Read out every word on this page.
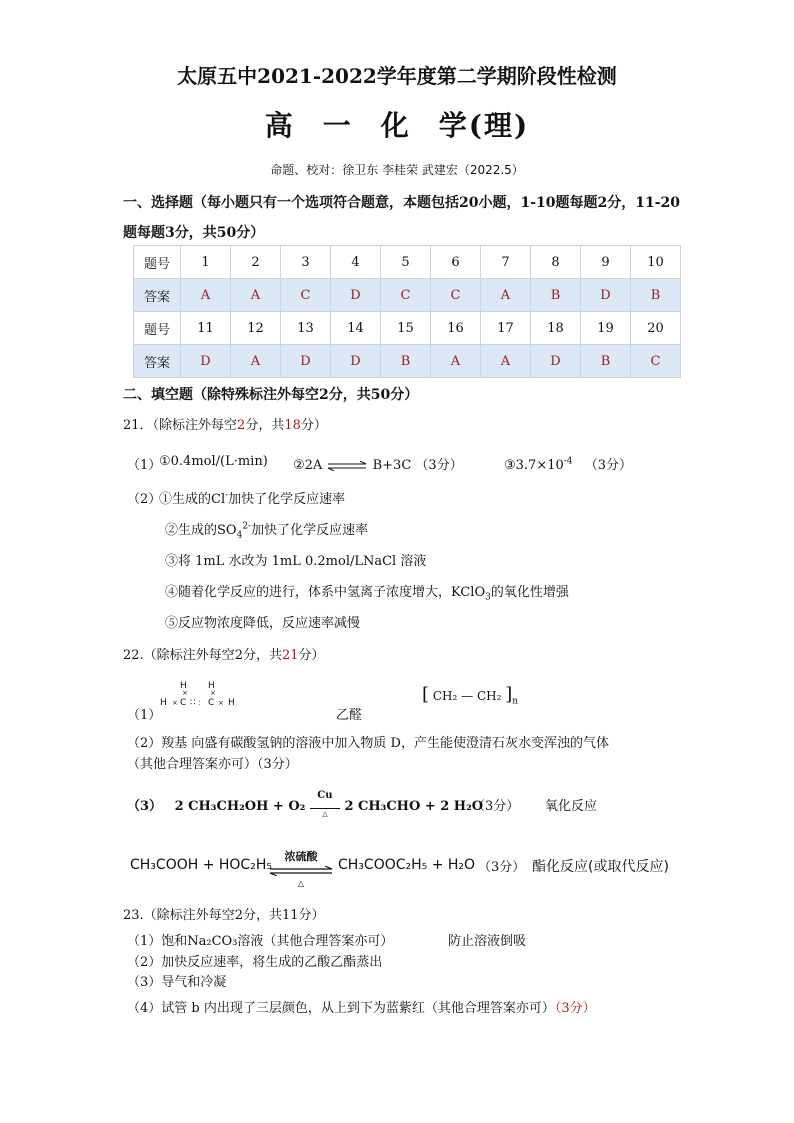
太原五中2021-2022学年度第二学期阶段性检测
高 一 化 学(理)
命题、校对：徐卫东 李桂荣 武建宏（2022.5）
一、选择题（每小题只有一个选项符合题意，本题包括20小题，1-10题每题2分，11-20
题每题3分，共50分）
题号	1	2	3	4	5	6	7	8	9	10
答案	A	A	C	D	C	C	A	B	D	B
题号	11	12	13	14	15	16	17	18	19	20
答案	D	A	D	D	B	A	A	D	B	C
二、填空题（除特殊标注外每空2分，共50分）
21．（除标注外每空2分，共18分）
（1）
①0.4mol/(L·min) ②2A ⇌ B+3C （3分）	$③3.7\times 10^{-4}$ （3分）
（2）
①生成的Cl-加快了化学反应速率
②生成的$SO_4^{2-}$加快了化学反应速率
③将 1mL 水改为 1mL 0.2mol/LNaCl 溶液
④随着化学反应的进行，体系中氢离子浓度增大，KClO$_3$的氧化性增强
⑤反应物浓度降低，反应速率减慢
22.（除标注外每空2分，共21分）
（1）
H H
×	×
H × C ∷ ： C × H
乙醛
[ CH₂ — CH₂ ]$_n$
（2）羧基 向盛有碳酸氢钠的溶液中加入物质 D，产生能使澄清石灰水变浑浊的气体
（其他合理答案亦可）（3分）
（3） 2 CH₃CH₂OH + O₂
Cu
△	2 CH₃CHO + 2 H₂O
（3分） 氧化反应
CH₃COOH + HOC₂H₅
浓硫酸
△
CH₃COOC₂H₅ + H₂O （3分） 酯化反应(或取代反应)
23.（除标注外每空2分，共11分）
（1）饱和Na₂CO₃溶液（其他合理答案亦可）	防止溶液倒吸
（2）加快反应速率，将生成的乙酸乙酯蒸出
（3）导气和冷凝
（4）试管 b 内出现了三层颜色，从上到下为蓝紫红（其他合理答案亦可）（3分）
